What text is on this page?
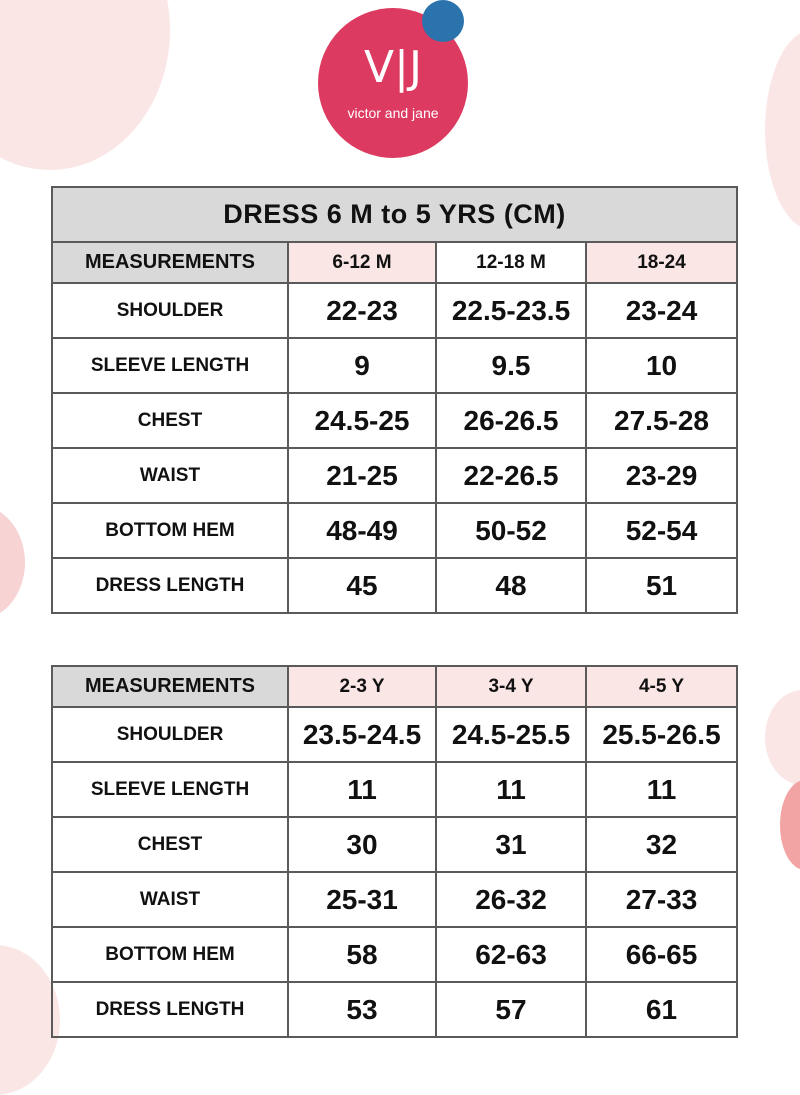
V|J
victor and jane
DRESS 6 M to 5 YRS (CM)			
MEASUREMENTS	6-12 M	12-18 M	18-24
SHOULDER	22-23	22.5-23.5	23-24
SLEEVE LENGTH	9	9.5	10
CHEST	24.5-25	26-26.5	27.5-28
WAIST	21-25	22-26.5	23-29
BOTTOM HEM	48-49	50-52	52-54
DRESS LENGTH	45	48	51
MEASUREMENTS	2-3 Y	3-4 Y	4-5 Y
SHOULDER	23.5-24.5	24.5-25.5	25.5-26.5
SLEEVE LENGTH	11	11	11
CHEST	30	31	32
WAIST	25-31	26-32	27-33
BOTTOM HEM	58	62-63	66-65
DRESS LENGTH	53	57	61
